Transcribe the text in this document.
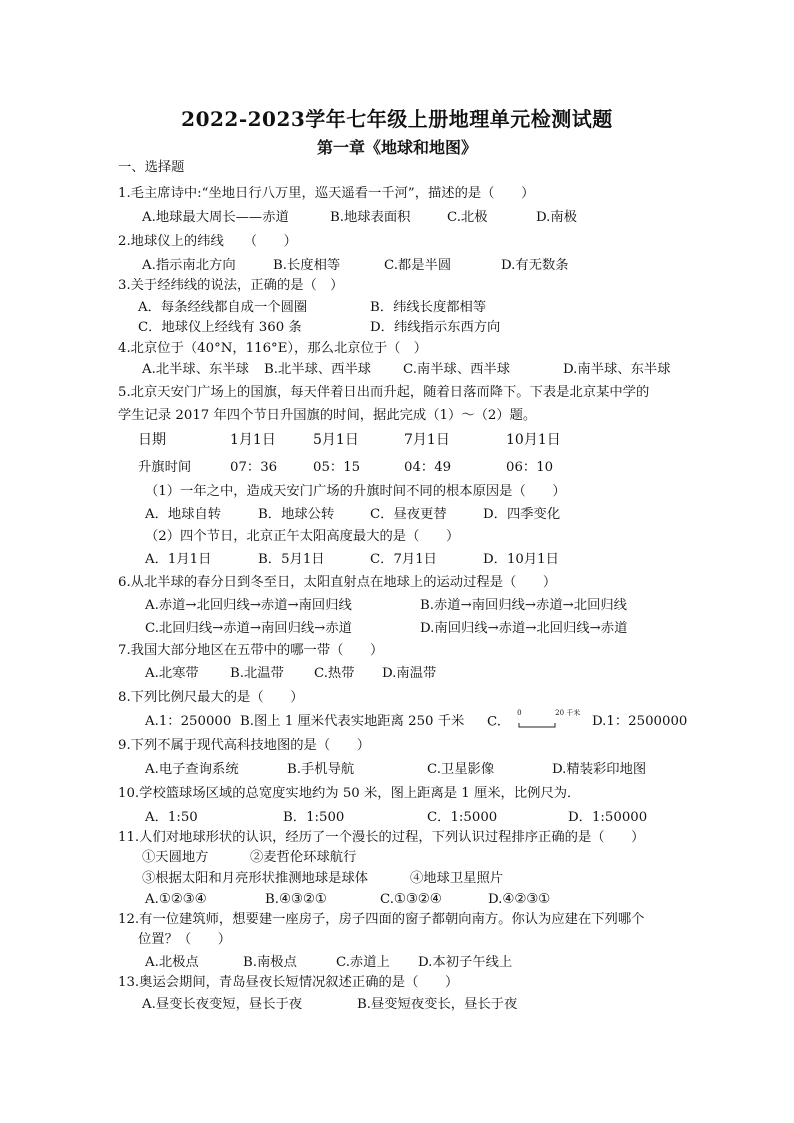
2022-2023学年七年级上册地理单元检测试题
第一章《地球和地图》
一、选择题
1.毛主席诗中:“坐地日行八万里，巡天遥看一千河”，描述的是（　　）
A.地球最大周长——赤道	B.地球表面积	C.北极	D.南极
2.地球仪上的纬线　　（　　）
A.指示南北方向	B.长度相等	C.都是半圆	D.有无数条
3.关于经纬线的说法，正确的是（　）
A．每条经线都自成一个圆圈	B．纬线长度都相等
C．地球仪上经线有 360 条	D．纬线指示东西方向
4.北京位于（40°N，116°E），那么北京位于（　）
A.北半球、东半球 B.北半球、西半球 C.南半球、西半球	D.南半球、东半球
5.北京天安门广场上的国旗，每天伴着日出而升起，随着日落而降下。下表是北京某中学的
学生记录 2017 年四个节日升国旗的时间，据此完成（1）～（2）题。
日期	1月1日	5月1日	7月1日	10月1日
升旗时间	07：36	05：15	04：49	06：10
（1）一年之中，造成天安门广场的升旗时间不同的根本原因是（　　）
A．地球自转	B．地球公转	C．昼夜更替	D．四季变化
（2）四个节日，北京正午太阳高度最大的是（　　）
A．1月1日	B．5月1日	C．7月1日	D．10月1日
6.从北半球的春分日到冬至日，太阳直射点在地球上的运动过程是（　　）
A.赤道→北回归线→赤道→南回归线	B.赤道→南回归线→赤道→北回归线
C.北回归线→赤道→南回归线→赤道	D.南回归线→赤道→北回归线→赤道
7.我国大部分地区在五带中的哪一带（　　）
A.北寒带 B.北温带 C.热带 D.南温带
8.下列比例尺最大的是（　　）
A.1：250000 B.图上 1 厘米代表实地距离 250 千米 C.
0	20 千米
D.1：2500000
9.下列不属于现代高科技地图的是（　　）
A.电子查询系统	B.手机导航	C.卫星影像	D.精装彩印地图
10.学校篮球场区域的总宽度实地约为 50 米，图上距离是 1 厘米，比例尺为．
A．1:50	B．1:500	C．1:5000	D．1:50000
11.人们对地球形状的认识，经历了一个漫长的过程，下列认识过程排序正确的是（　　）
①天圆地方	②麦哲伦环球航行
③根据太阳和月亮形状推测地球是球体	④地球卫星照片
A.①②③④	B.④③②①	C.①③②④	D.④②③①
12.有一位建筑师，想要建一座房子，房子四面的窗子都朝向南方。你认为应建在下列哪个
位置？（　　）
A.北极点	B.南极点	C.赤道上 D.本初子午线上
13.奥运会期间，青岛昼夜长短情况叙述正确的是（　　）
A.昼变长夜变短，昼长于夜	B.昼变短夜变长，昼长于夜
